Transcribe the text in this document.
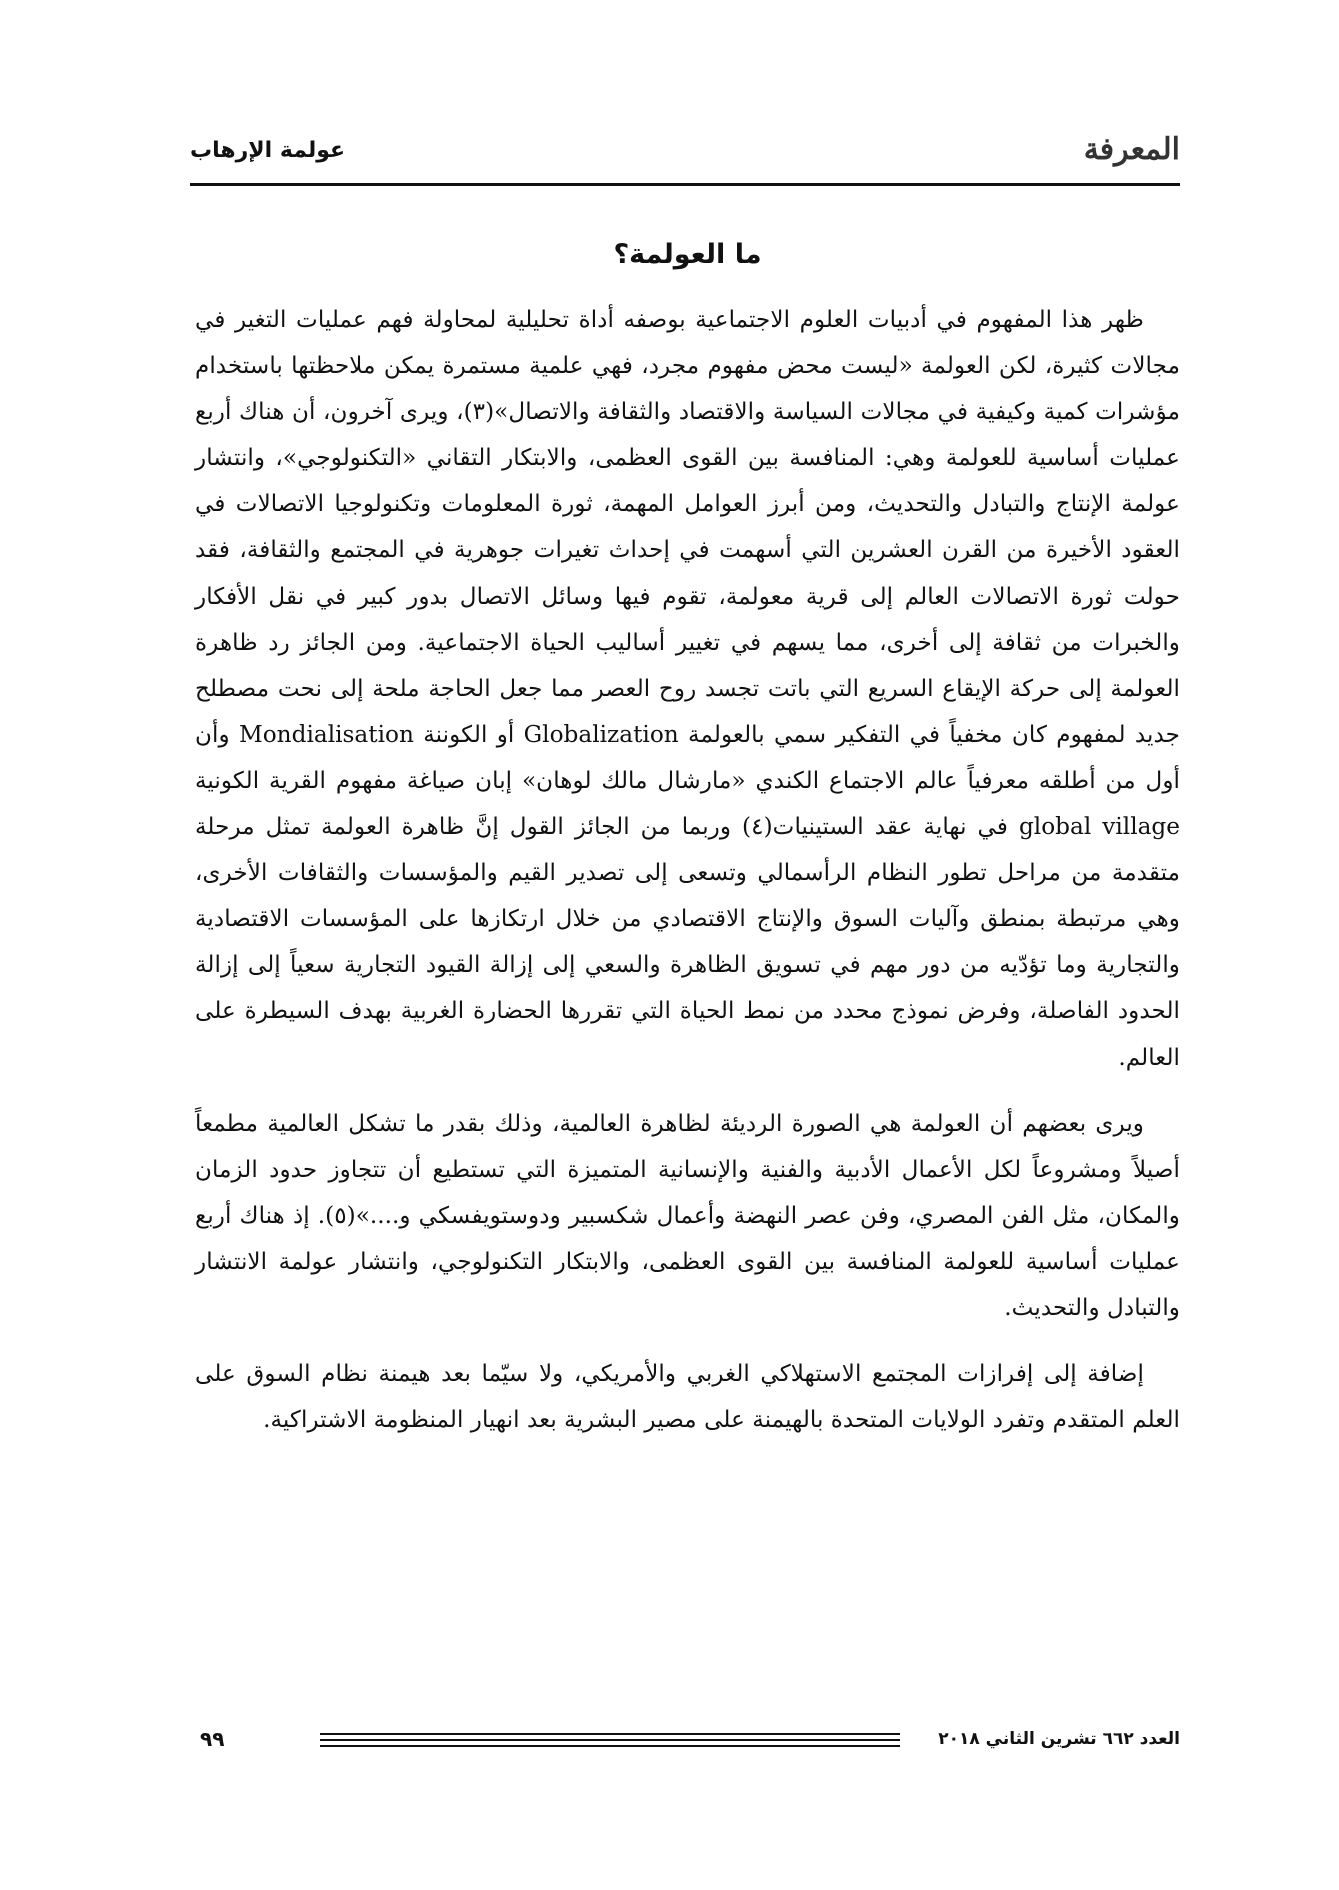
المعرفة
عولمة الإرهاب
ما العولمة؟

ظهر هذا المفهوم في أدبيات العلوم الاجتماعية بوصفه أداة تحليلية لمحاولة فهم عمليات التغير في مجالات كثيرة، لكن العولمة «ليست محض مفهوم مجرد، فهي علمية مستمرة يمكن ملاحظتها باستخدام مؤشرات كمية وكيفية في مجالات السياسة والاقتصاد والثقافة والاتصال»(٣)، ويرى آخرون، أن هناك أربع عمليات أساسية للعولمة وهي: المنافسة بين القوى العظمى، والابتكار التقاني «التكنولوجي»، وانتشار عولمة الإنتاج والتبادل والتحديث، ومن أبرز العوامل المهمة، ثورة المعلومات وتكنولوجيا الاتصالات في العقود الأخيرة من القرن العشرين التي أسهمت في إحداث تغيرات جوهرية في المجتمع والثقافة، فقد حولت ثورة الاتصالات العالم إلى قرية معولمة، تقوم فيها وسائل الاتصال بدور كبير في نقل الأفكار والخبرات من ثقافة إلى أخرى، مما يسهم في تغيير أساليب الحياة الاجتماعية. ومن الجائز رد ظاهرة العولمة إلى حركة الإيقاع السريع التي باتت تجسد روح العصر مما جعل الحاجة ملحة إلى نحت مصطلح جديد لمفهوم كان مخفياً في التفكير سمي بالعولمة Globalization أو الكوننة Mondialisation وأن أول من أطلقه معرفياً عالم الاجتماع الكندي «مارشال مالك لوهان» إبان صياغة مفهوم القرية الكونية global village في نهاية عقد الستينيات(٤) وربما من الجائز القول إنَّ ظاهرة العولمة تمثل مرحلة متقدمة من مراحل تطور النظام الرأسمالي وتسعى إلى تصدير القيم والمؤسسات والثقافات الأخرى، وهي مرتبطة بمنطق وآليات السوق والإنتاج الاقتصادي من خلال ارتكازها على المؤسسات الاقتصادية والتجارية وما تؤدّيه من دور مهم في تسويق الظاهرة والسعي إلى إزالة القيود التجارية سعياً إلى إزالة الحدود الفاصلة، وفرض نموذج محدد من نمط الحياة التي تقررها الحضارة الغربية بهدف السيطرة على العالم.

ويرى بعضهم أن العولمة هي الصورة الرديئة لظاهرة العالمية، وذلك بقدر ما تشكل العالمية مطمعاً أصيلاً ومشروعاً لكل الأعمال الأدبية والفنية والإنسانية المتميزة التي تستطيع أن تتجاوز حدود الزمان والمكان، مثل الفن المصري، وفن عصر النهضة وأعمال شكسبير ودوستويفسكي و....»(٥). إذ هناك أربع عمليات أساسية للعولمة المنافسة بين القوى العظمى، والابتكار التكنولوجي، وانتشار عولمة الانتشار والتبادل والتحديث.

إضافة إلى إفرازات المجتمع الاستهلاكي الغربي والأمريكي، ولا سيّما بعد هيمنة نظام السوق على العلم المتقدم وتفرد الولايات المتحدة بالهيمنة على مصير البشرية بعد انهيار المنظومة الاشتراكية.

العدد ٦٦٢ تشرين الثاني ٢٠١٨
٩٩
